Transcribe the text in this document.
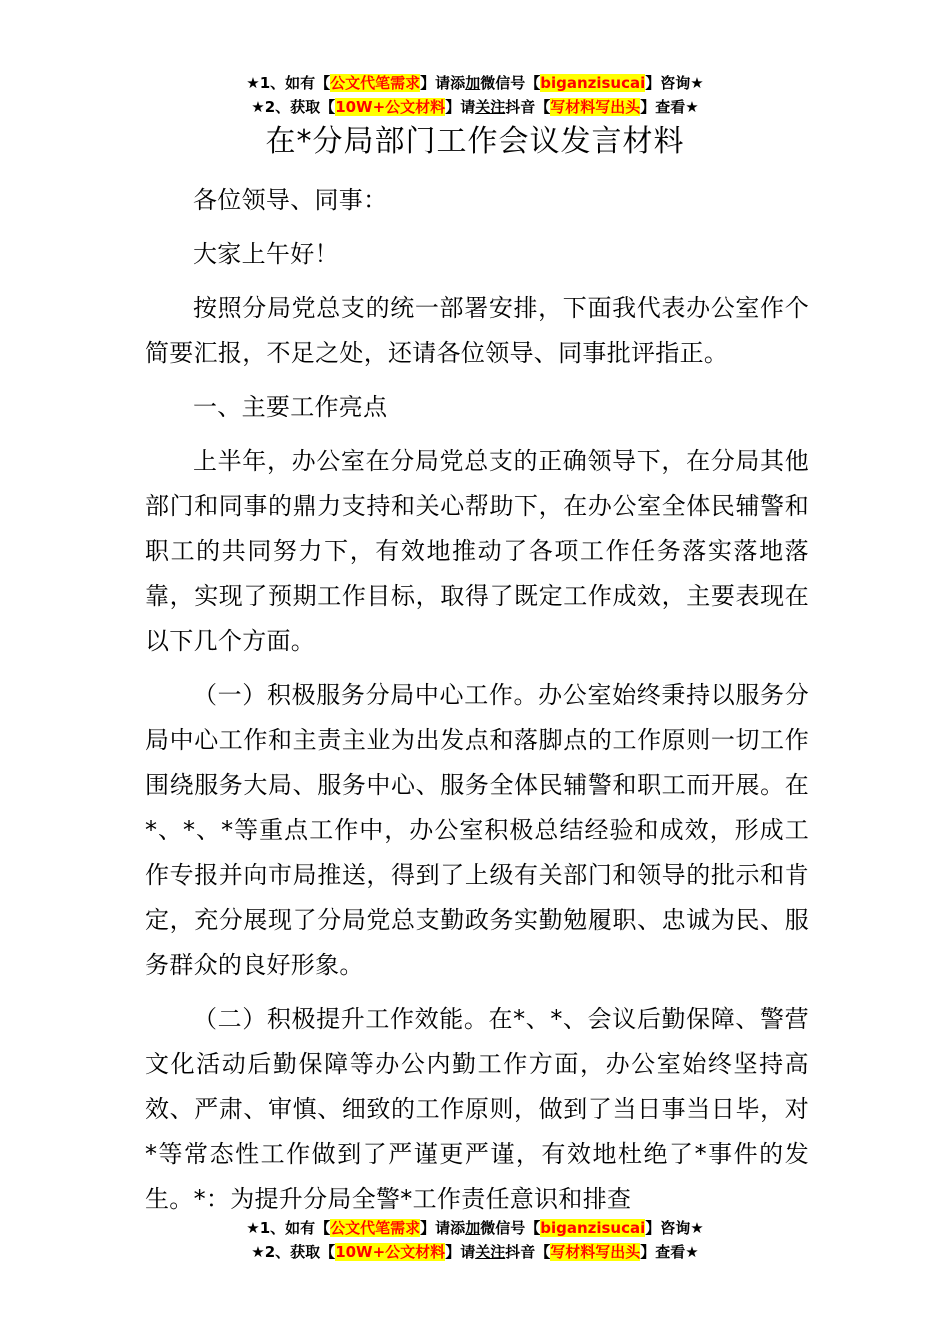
★1、如有【公文代笔需求】请添加微信号【biganzisucai】咨询★
★2、获取【10W+公文材料】请关注抖音【写材料写出头】查看★
在*分局部门工作会议发言材料

各位领导、同事：

大家上午好！

按照分局党总支的统一部署安排，下面我代表办公室作个简要汇报，不足之处，还请各位领导、同事批评指正。

一、主要工作亮点

上半年，办公室在分局党总支的正确领导下，在分局其他部门和同事的鼎力支持和关心帮助下，在办公室全体民辅警和职工的共同努力下，有效地推动了各项工作任务落实落地落靠，实现了预期工作目标，取得了既定工作成效，主要表现在以下几个方面。

（一）积极服务分局中心工作。办公室始终秉持以服务分局中心工作和主责主业为出发点和落脚点的工作原则一切工作围绕服务大局、服务中心、服务全体民辅警和职工而开展。在*、*、*等重点工作中，办公室积极总结经验和成效，形成工作专报并向市局推送，得到了上级有关部门和领导的批示和肯定，充分展现了分局党总支勤政务实勤勉履职、忠诚为民、服务群众的良好形象。

（二）积极提升工作效能。在*、*、会议后勤保障、警营文化活动后勤保障等办公内勤工作方面，办公室始终坚持高效、严肃、审慎、细致的工作原则，做到了当日事当日毕，对*等常态性工作做到了严谨更严谨，有效地杜绝了*事件的发生。*：为提升分局全警*工作责任意识和排查

★1、如有【公文代笔需求】请添加微信号【biganzisucai】咨询★
★2、获取【10W+公文材料】请关注抖音【写材料写出头】查看★
